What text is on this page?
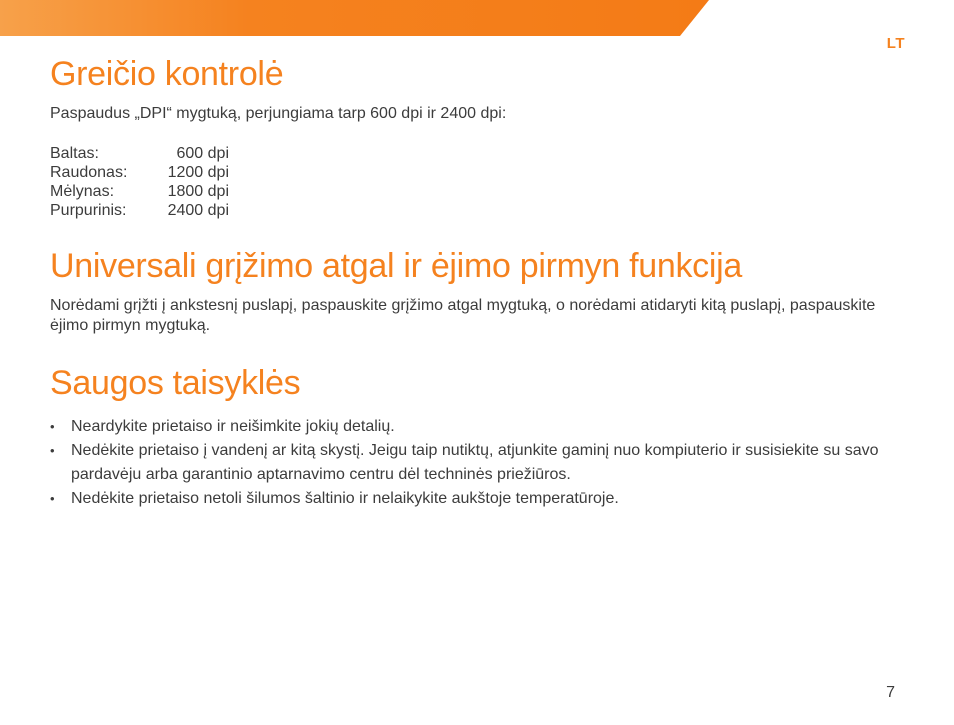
LT
Greičio kontrolė

Paspaudus „DPI“ mygtuką, perjungiama tarp 600 dpi ir 2400 dpi:

Baltas:	600 dpi
Raudonas:	1200 dpi
Mėlynas:	1800 dpi
Purpurinis:	2400 dpi
Universali grįžimo atgal ir ėjimo pirmyn funkcija

Norėdami grįžti į ankstesnį puslapį, paspauskite grįžimo atgal mygtuką, o norėdami atidaryti kitą puslapį, paspauskite ėjimo pirmyn mygtuką.

Saugos taisyklės
• Neardykite prietaiso ir neišimkite jokių detalių.
• Nedėkite prietaiso į vandenį ar kitą skystį. Jeigu taip nutiktų, atjunkite gaminį nuo kompiuterio ir susisiekite su savo pardavėju arba garantinio aptarnavimo centru dėl techninės priežiūros.
• Nedėkite prietaiso netoli šilumos šaltinio ir nelaikykite aukštoje temperatūroje.
7
